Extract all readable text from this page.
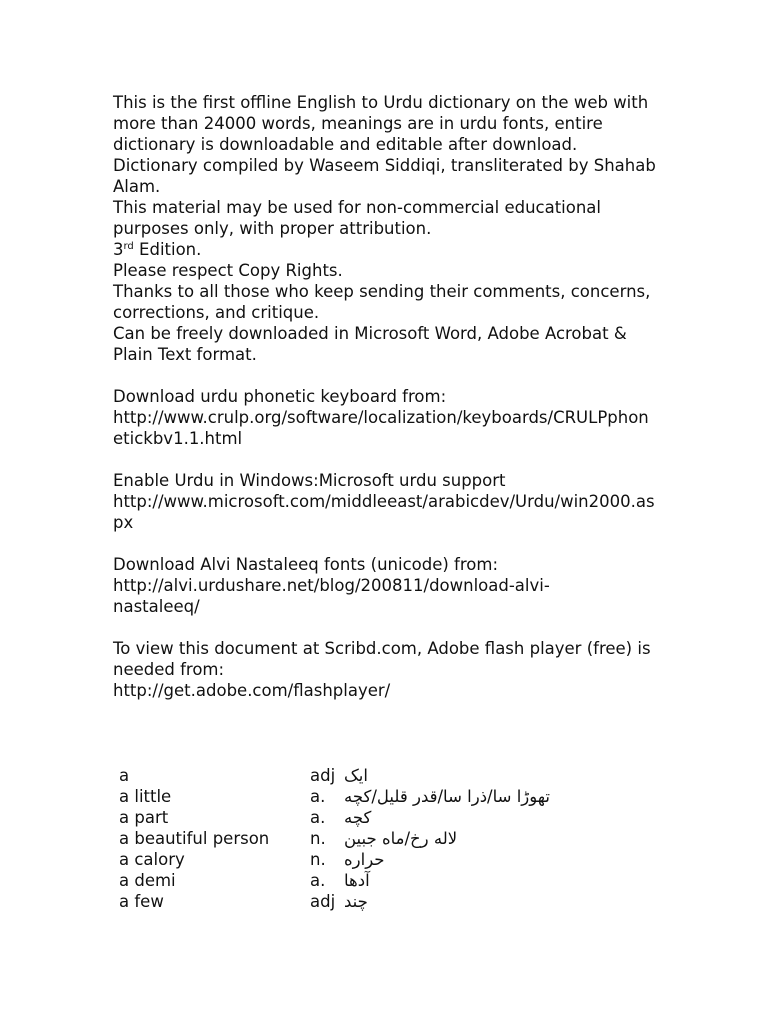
This is the first offline English to Urdu dictionary on the web with more than 24000 words, meanings are in urdu fonts, entire dictionary is downloadable and editable after download.

Dictionary compiled by Waseem Siddiqi, transliterated by Shahab Alam.

This material may be used for non-commercial educational purposes only, with proper attribution.

3rd Edition.

Please respect Copy Rights.

Thanks to all those who keep sending their comments, concerns, corrections, and critique.

Can be freely downloaded in Microsoft Word, Adobe Acrobat & Plain Text format.

Download urdu phonetic keyboard from:

http://www.crulp.org/software/localization/keyboards/CRULPphonetickbv1.1.html

Enable Urdu in Windows:Microsoft urdu support

http://www.microsoft.com/middleeast/arabicdev/Urdu/win2000.aspx

Download Alvi Nastaleeq fonts (unicode) from:

http://alvi.urdushare.net/blog/200811/download-alvi-
nastaleeq/

To view this document at Scribd.com, Adobe flash player (free) is needed from:

http://get.adobe.com/flashplayer/

a	adj ایک
a little	a. تهوڑا سا/ذرا سا/قدر قلیل/کچه
a part	a. کچه
a beautiful person n. لاله رخ/ماه جبین
a calory	n. حراره
a demi	a. آدها
a few	adj چند
